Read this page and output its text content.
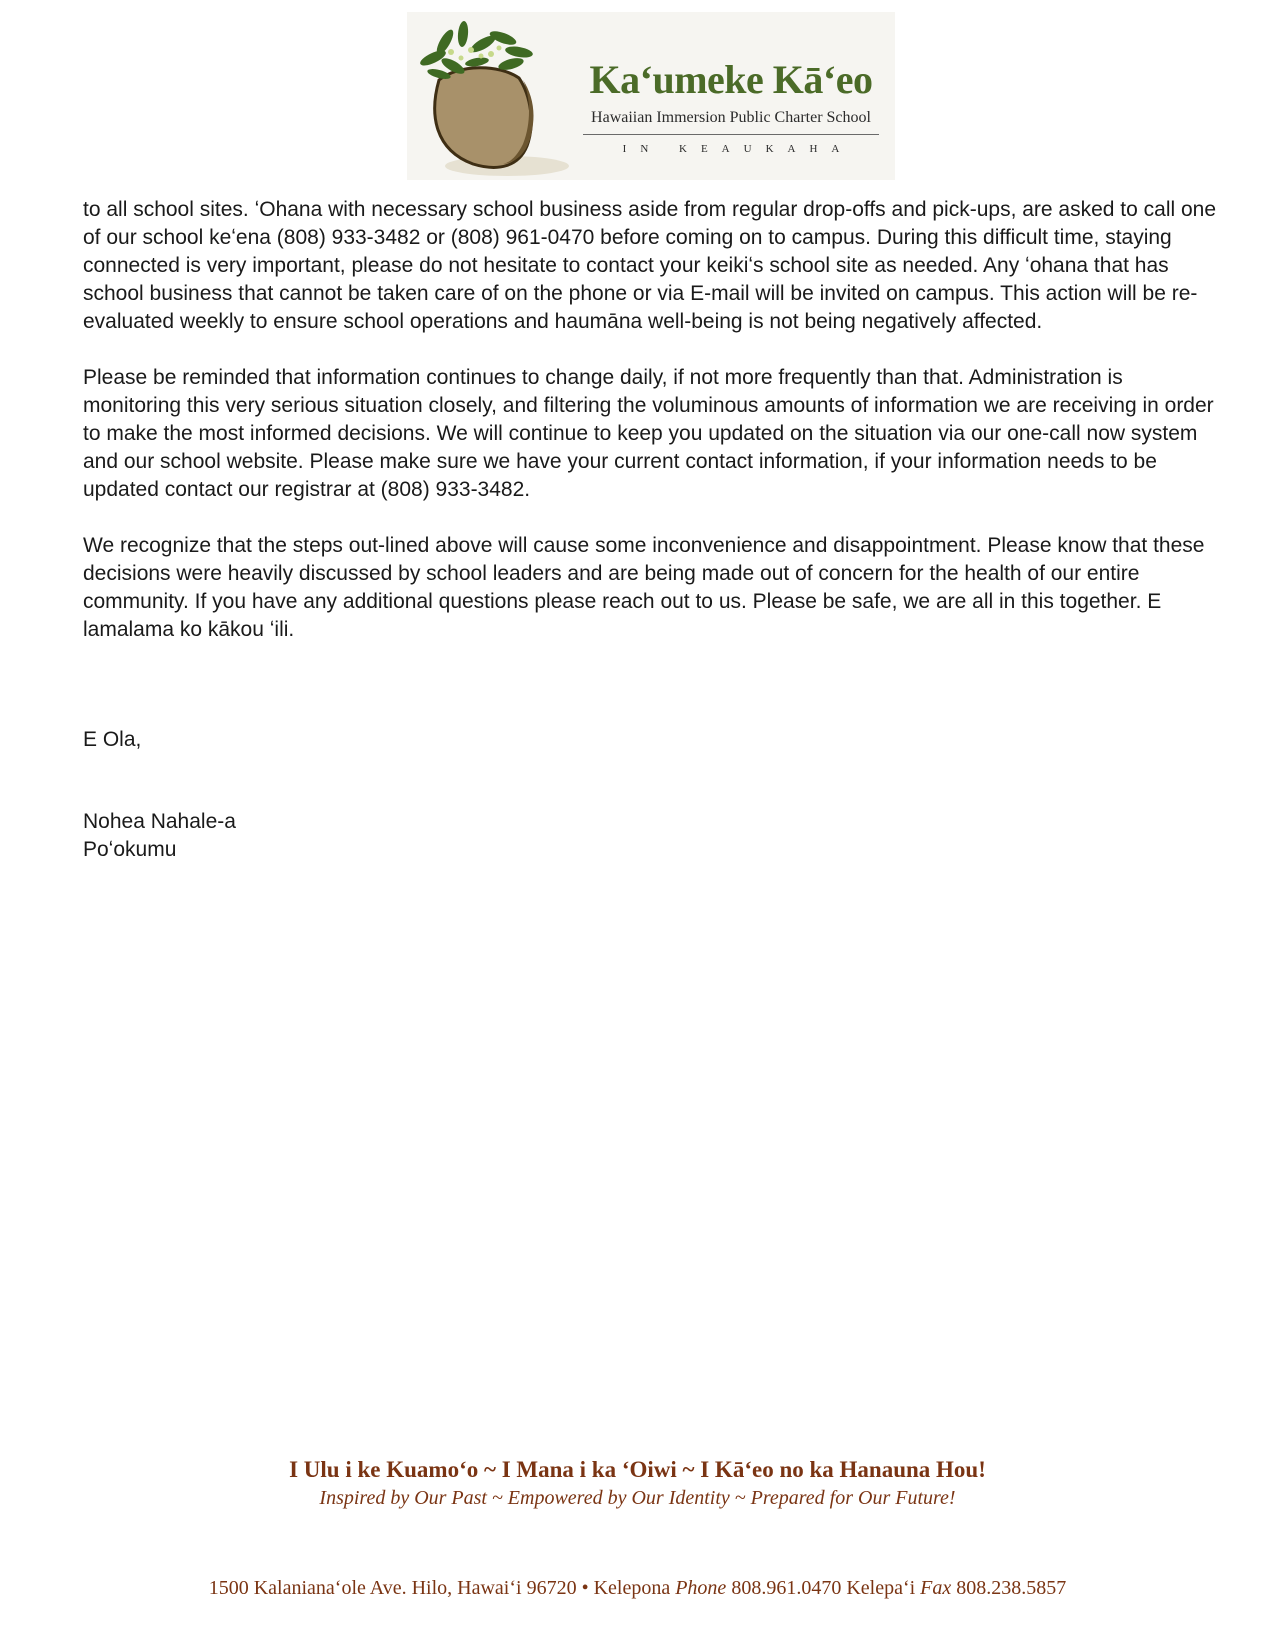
Kaʻumeke Kāʻeo
Hawaiian Immersion Public Charter School
IN KEAUKAHA

to all school sites. ʻOhana with necessary school business aside from regular drop-offs and pick-ups, are asked to call one of our school keʻena (808) 933-3482 or (808) 961-0470 before coming on to campus. During this difficult time, staying connected is very important, please do not hesitate to contact your keikiʻs school site as needed. Any ʻohana that has school business that cannot be taken care of on the phone or via E-mail will be invited on campus. This action will be re-evaluated weekly to ensure school operations and haumāna well-being is not being negatively affected.

Please be reminded that information continues to change daily, if not more frequently than that. Administration is monitoring this very serious situation closely, and filtering the voluminous amounts of information we are receiving in order to make the most informed decisions. We will continue to keep you updated on the situation via our one-call now system and our school website. Please make sure we have your current contact information, if your information needs to be updated contact our registrar at (808) 933-3482.

We recognize that the steps out-lined above will cause some inconvenience and disappointment. Please know that these decisions were heavily discussed by school leaders and are being made out of concern for the health of our entire community. If you have any additional questions please reach out to us. Please be safe, we are all in this together. E lamalama ko kākou ʻili.

E Ola,

Nohea Nahale-a
Poʻokumu
I Ulu i ke Kuamoʻo ~ I Mana i ka ʻOiwi ~ I Kāʻeo no ka Hanauna Hou!
Inspired by Our Past ~ Empowered by Our Identity ~ Prepared for Our Future!
1500 Kalanianaʻole Ave. Hilo, Hawaiʻi 96720 • Kelepona Phone 808.961.0470 Kelepaʻi Fax 808.238.5857
